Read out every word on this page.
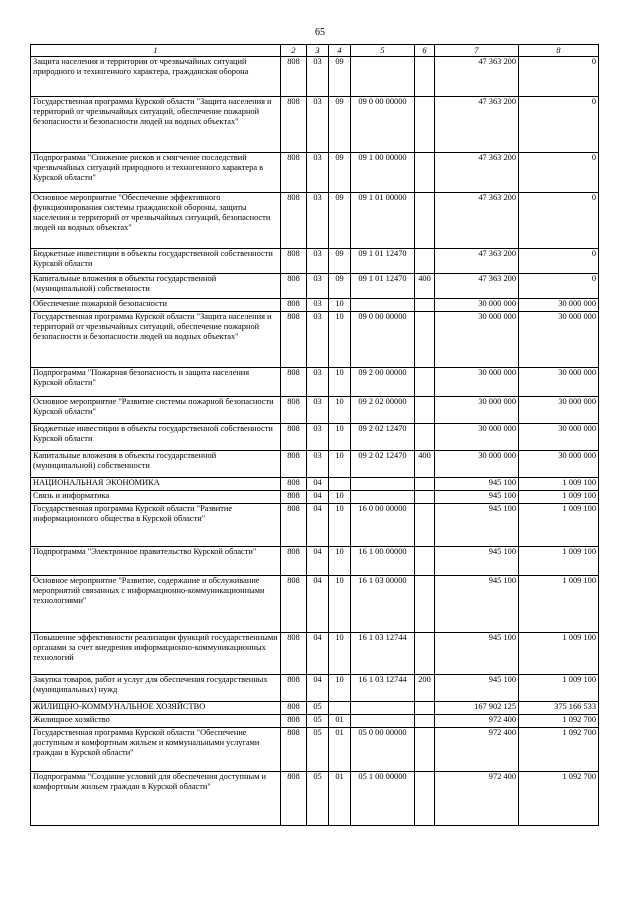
65
1	2	3	4	5	6	7	8
Защита населения и территории от чрезвычайных ситуаций природного и техногенного характера, гражданская оборона	808	03	09			47 363 200	0
Государственная программа Курской области "Защита населения и территорий от чрезвычайных ситуаций, обеспечение пожарной безопасности и безопасности людей на водных объектах"	808	03	09	09 0 00 00000		47 363 200	0
Подпрограмма "Снижение рисков и смягчение последствий чрезвычайных ситуаций природного и техногенного характера в Курской области"	808	03	09	09 1 00 00000		47 363 200	0
Основное мероприятие "Обеспечение эффективного функционирования системы гражданской обороны, защиты населения и территорий от чрезвычайных ситуаций, безопасности людей на водных объектах"	808	03	09	09 1 01 00000		47 363 200	0
Бюджетные инвестиции в объекты государственной собственности Курской области	808	03	09	09 1 01 12470		47 363 200	0
Капитальные вложения в объекты государственной (муниципальной) собственности	808	03	09	09 1 01 12470	400	47 363 200	0
Обеспечение пожарной безопасности	808	03	10			30 000 000	30 000 000
Государственная программа Курской области "Защита населения и территорий от чрезвычайных ситуаций, обеспечение пожарной безопасности и безопасности людей на водных объектах"	808	03	10	09 0 00 00000		30 000 000	30 000 000
Подпрограмма "Пожарная безопасность и защита населения Курской области"	808	03	10	09 2 00 00000		30 000 000	30 000 000
Основное мероприятие "Развитие системы пожарной безопасности Курской области"	808	03	10	09 2 02 00000		30 000 000	30 000 000
Бюджетные инвестиции в объекты государственной собственности Курской области	808	03	10	09 2 02 12470		30 000 000	30 000 000
Капитальные вложения в объекты государственной (муниципальной) собственности	808	03	10	09 2 02 12470	400	30 000 000	30 000 000
НАЦИОНАЛЬНАЯ ЭКОНОМИКА	808	04				945 100	1 009 100
Связь и информатика	808	04	10			945 100	1 009 100
Государственная программа Курской области "Развитие информационного общества в Курской области"	808	04	10	16 0 00 00000		945 100	1 009 100
Подпрограмма "Электронное правительство Курской области"	808	04	10	16 1 00 00000		945 100	1 009 100
Основное мероприятие "Развитие, содержание и обслуживание мероприятий связанных с информационно-коммуникационными технологиями"	808	04	10	16 1 03 00000		945 100	1 009 100
Повышение эффективности реализации функций государственными органами за счет внедрения информационно-коммуникационных технологий	808	04	10	16 1 03 12744		945 100	1 009 100
Закупка товаров, работ и услуг для обеспечения государственных (муниципальных) нужд	808	04	10	16 1 03 12744	200	945 100	1 009 100
ЖИЛИЩНО-КОММУНАЛЬНОЕ ХОЗЯЙСТВО	808	05				167 902 125	375 166 533
Жилищное хозяйство	808	05	01			972 400	1 092 700
Государственная программа Курской области "Обеспечение доступным и комфортным жильем и коммунальными услугами граждан в Курской области"	808	05	01	05 0 00 00000		972 400	1 092 700
Подпрограмма "Создание условий для обеспечения доступным и комфортным жильем граждан в Курской области"	808	05	01	05 1 00 00000		972 400	1 092 700
